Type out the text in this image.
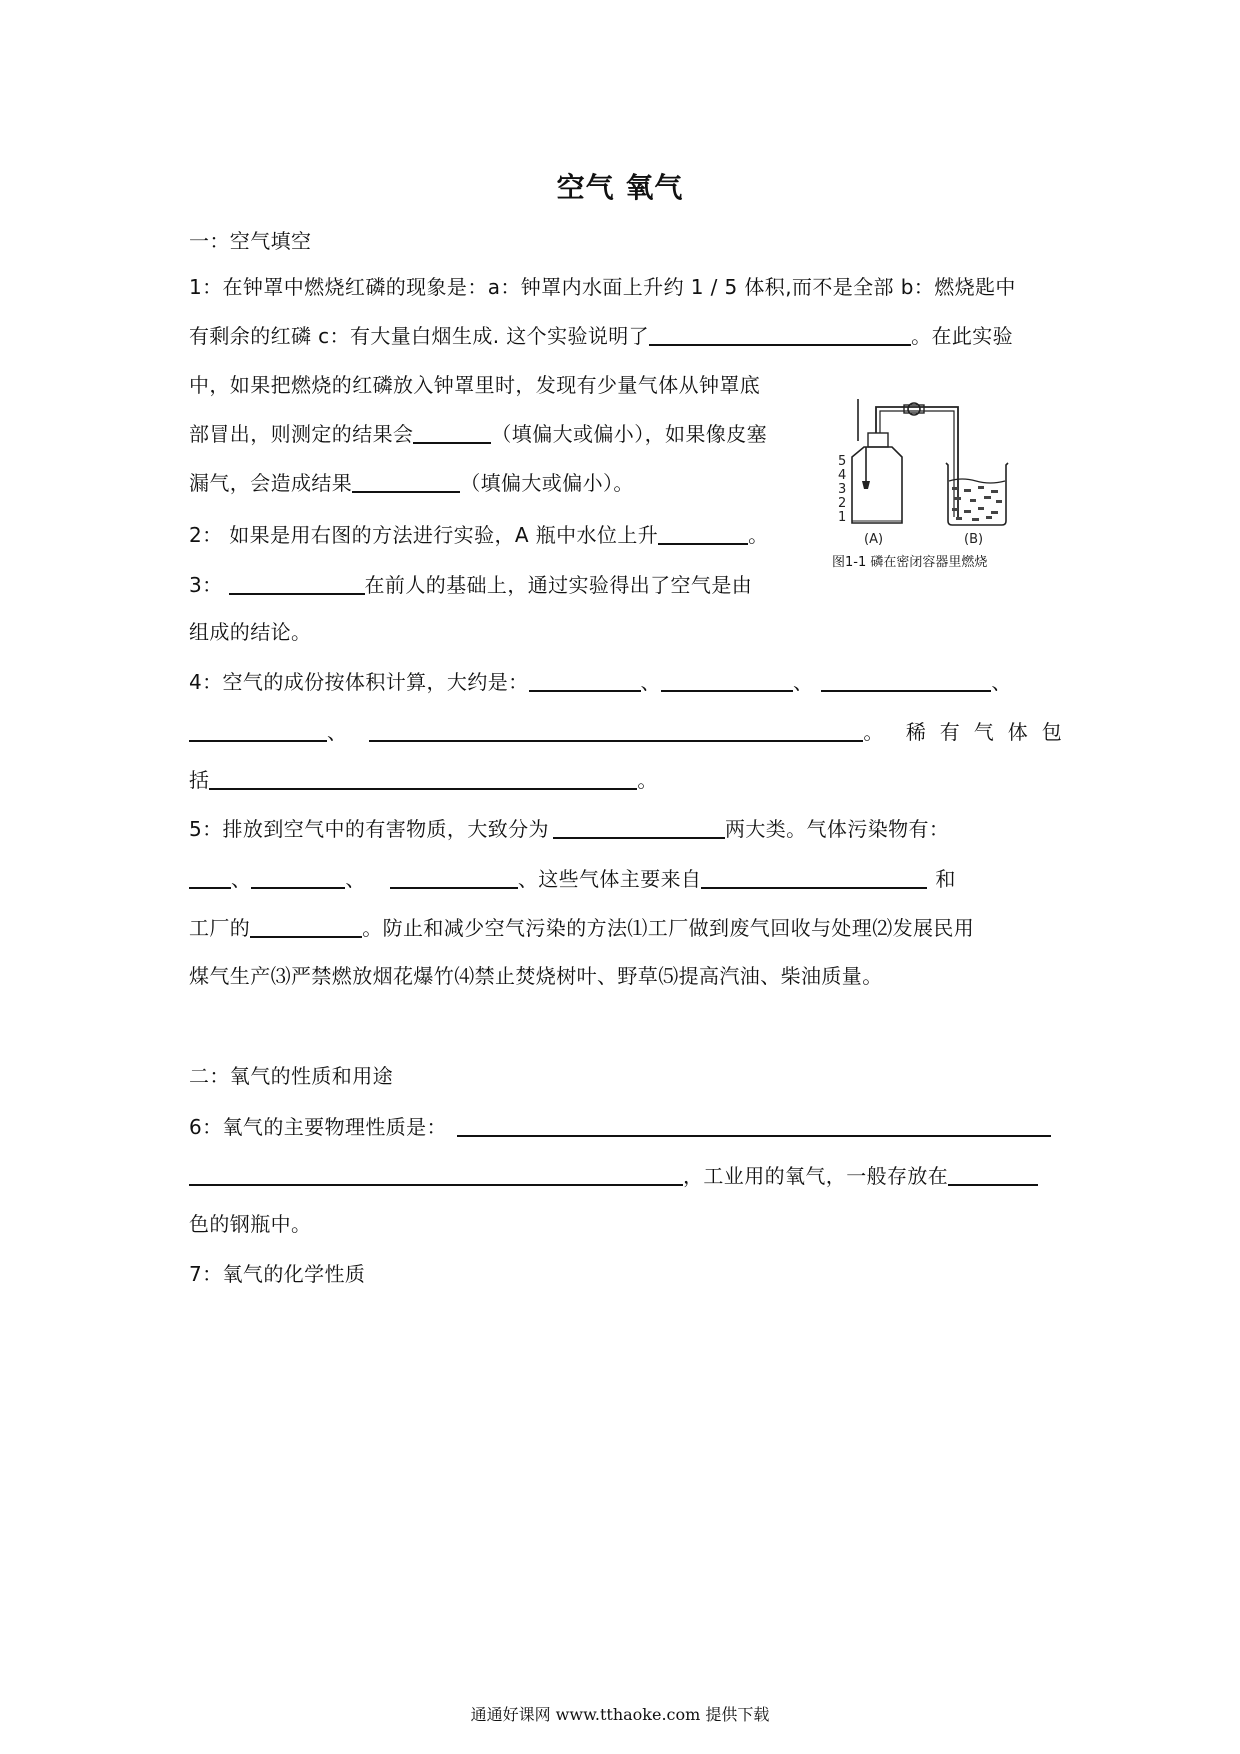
空气 氧气
一：空气填空
1：在钟罩中燃烧红磷的现象是：a：钟罩内水面上升约 1 / 5 体积,而不是全部 b：燃烧匙中
有剩余的红磷 c：有大量白烟生成. 这个实验说明了	。在此实验
中，如果把燃烧的红磷放入钟罩里时，发现有少量气体从钟罩底
部冒出，则测定的结果会	（填偏大或偏小），如果像皮塞
漏气，会造成结果	（填偏大或偏小）。
2： 如果是用右图的方法进行实验，A 瓶中水位上升	。
3：	在前人的基础上，通过实验得出了空气是由
组成的结论。
4：空气的成份按体积计算，大约是：	、	、	、
、	。 稀有气体包
括	。
5：排放到空气中的有害物质，大致分为	两大类。气体污染物有：
、	、	、这些气体主要来自	和
工厂的	。防止和减少空气污染的方法⑴工厂做到废气回收与处理⑵发展民用
煤气生产⑶严禁燃放烟花爆竹⑷禁止焚烧树叶、野草⑸提高汽油、柴油质量。
5
4
3
2
1
(A)	(B)
图1-1 磷在密闭容器里燃烧
二：氧气的性质和用途
6：氧气的主要物理性质是：
，工业用的氧气，一般存放在
色的钢瓶中。
7：氧气的化学性质
通通好课网 www.tthaoke.com 提供下载
